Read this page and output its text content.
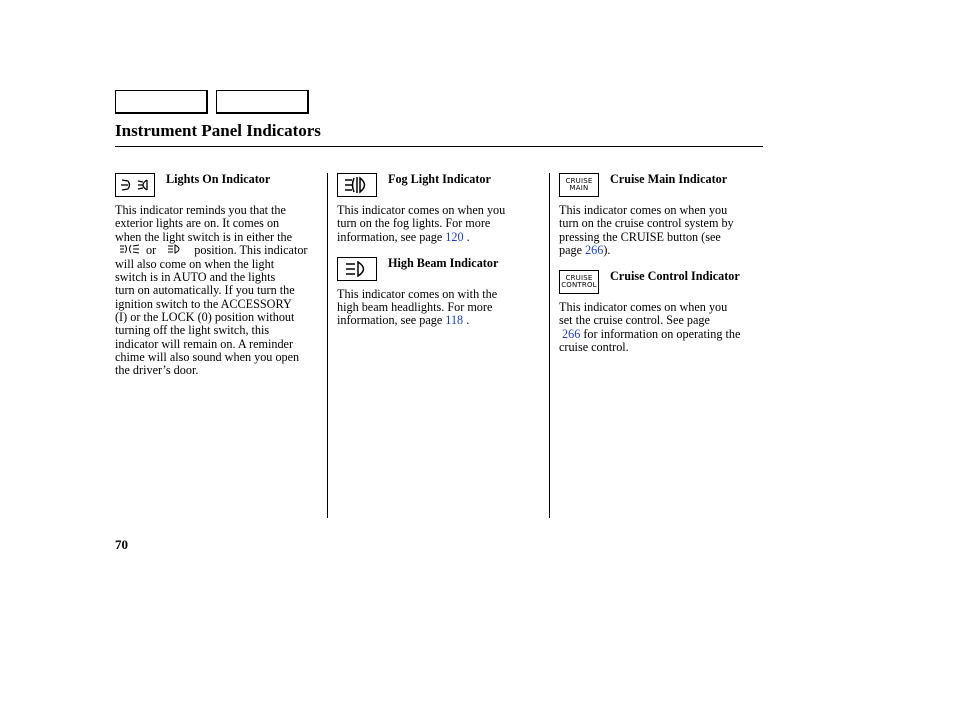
Instrument Panel Indicators
Lights On Indicator

This indicator reminds you that the
exterior lights are on. It comes on
when the light switch is in either the
or	position. This indicator
will also come on when the light
switch is in AUTO and the lights
turn on automatically. If you turn the
ignition switch to the ACCESSORY
(I) or the LOCK (0) position without
turning off the light switch, this
indicator will remain on. A reminder
chime will also sound when you open
the driver’s door.

Fog Light Indicator

This indicator comes on when you
turn on the fog lights. For more
information, see page 120 .

High Beam Indicator

This indicator comes on with the
high beam headlights. For more
information, see page 118 .

CRUISE
MAIN
Cruise Main Indicator

This indicator comes on when you
turn on the cruise control system by
pressing the CRUISE button (see
page 266).

CRUISE
CONTROL
Cruise Control Indicator

This indicator comes on when you
set the cruise control. See page
266 for information on operating the
cruise control.

70
